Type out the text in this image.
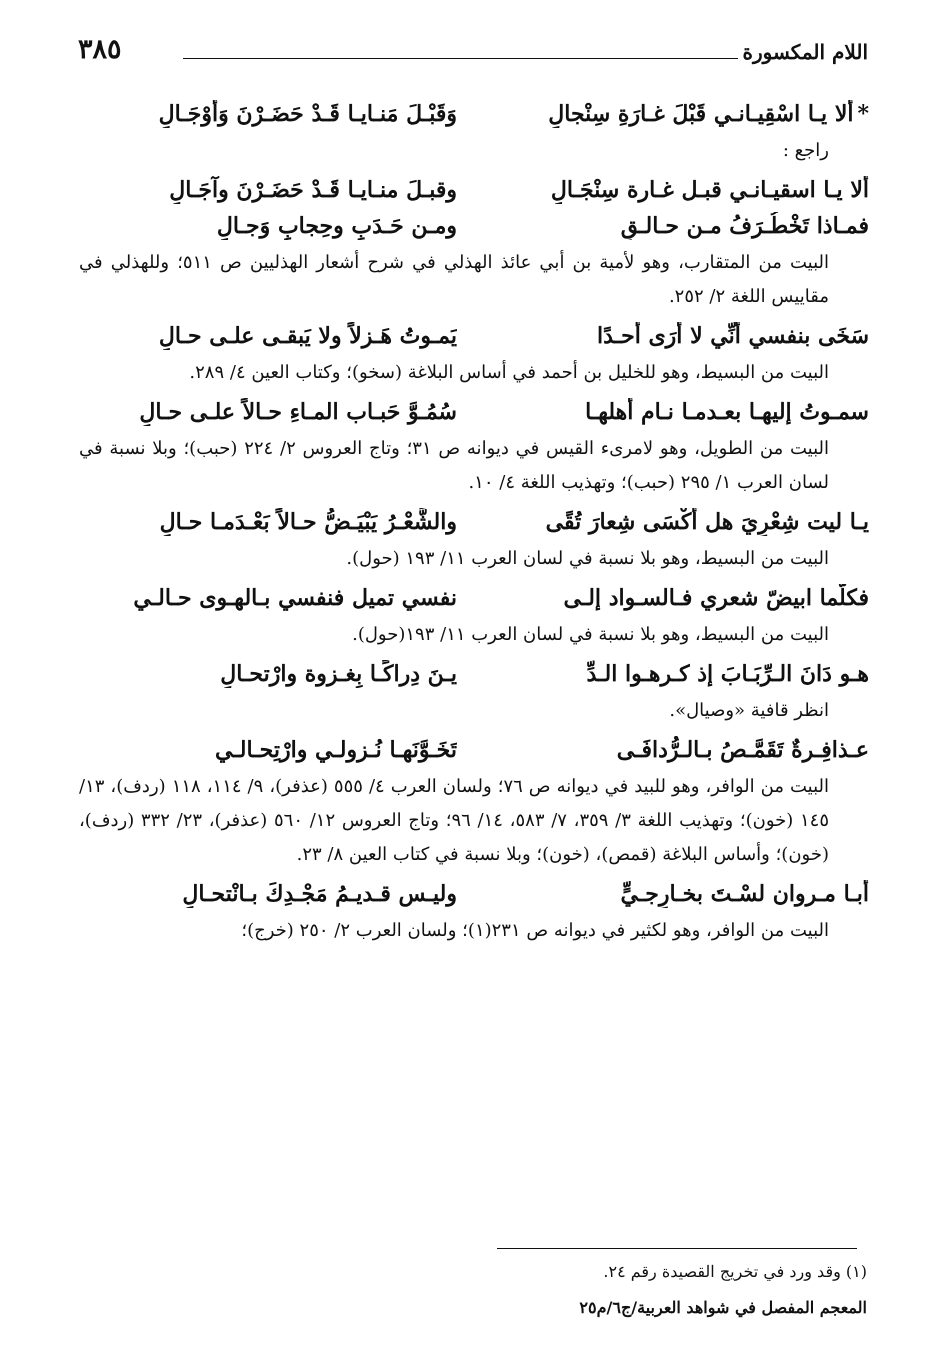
اللام المكسورة
٣٨٥
*ألا يـا اسْقِيـانـي قَبْلَ غـارَةِ سِنْجالِ
وَقَبْـلَ مَنـايـا قَـدْ حَضَـرْنَ وَأَوْجَـالِ
راجع :
ألا يـا اسقيـانـي قبـل غـارة سِنْجَـالِ
وقبـلَ منـايـا قَـدْ حَضَـرْنَ وآجَـالِ
فمـاذا تَخْطُـرَفُ مـن حـالـقٍ
ومـن حَـدَبٍ وحِجابٍ وَجـالِ
البيت من المتقارب، وهو لأمية بن أبي عائذ الهذلي في شرح أشعار الهذليين ص ٥١١؛ وللهذلي في مقاييس اللغة ٢/ ٢٥٢.
سَخَى بنفسي أنِّي لا أرَى أحـدًا
يَمـوتُ هَـزلاً ولا يَبقـى علـى حـالِ
البيت من البسيط، وهو للخليل بن أحمد في أساس البلاغة (سخو)؛ وكتاب العين ٤/ ٢٨٩.
سمـوتُ إليهـا بعـدمـا نـام أهلهـا
سُمُـوَّ حَبـاب المـاءِ حـالاً علـى حـالِ
البيت من الطويل، وهو لامرىء القيس في ديوانه ص ٣١؛ وتاج العروس ٢/ ٢٢٤ (حبب)؛ وبلا نسبة في لسان العرب ١/ ٢٩٥ (حبب)؛ وتهذيب اللغة ٤/ ١٠.
يـا ليت شِعْرِيَ هل أكْسَى شِعارَ تُقًى
والشَّعْـرُ يَبْيَـضُّ حـالاً بَعْـدَمـا حـالِ
البيت من البسيط، وهو بلا نسبة في لسان العرب ١١/ ١٩٣ (حول).
فكلّما ابيضّ شعري فـالسـواد إلـى
نفسي تميل فنفسي بـالهـوى حـالـي
البيت من البسيط، وهو بلا نسبة في لسان العرب ١١/ ١٩٣(حول).
هـو دَانَ الـرِّبَـابَ إذ كـرهـوا الـدِّ
يـنَ دِراكًـا بِغـزوة وارْتحـالِ
انظر قافية «وصيال».
عـذافِـرةٌ تَقَمَّـصُ بـالـرُّدافَـى
تَخَـوَّنَهـا نُـزولـي وارْتِحـالـي
البيت من الوافر، وهو للبيد في ديوانه ص ٧٦؛ ولسان العرب ٤/ ٥٥٥ (عذفر)، ٩/ ١١٤، ١١٨ (ردف)، ١٣/ ١٤٥ (خون)؛ وتهذيب اللغة ٣/ ٣٥٩، ٧/ ٥٨٣، ١٤/ ٩٦؛ وتاج العروس ١٢/ ٥٦٠ (عذفر)، ٢٣/ ٣٣٢ (ردف)، (خون)؛ وأساس البلاغة (قمص)، (خون)؛ وبلا نسبة في كتاب العين ٨/ ٢٣.
أبـا مـروان لسْـتَ بخـارِجـيٍّ
وليـس قـديـمُ مَجْـدِكَ بـانْتحـالِ
البيت من الوافر، وهو لكثير في ديوانه ص ٢٣١(١)؛ ولسان العرب ٢/ ٢٥٠ (خرج)؛
(١) وقد ورد في تخريج القصيدة رقم ٢٤.
المعجم المفصل في شواهد العربية/ج٦/م٢٥
